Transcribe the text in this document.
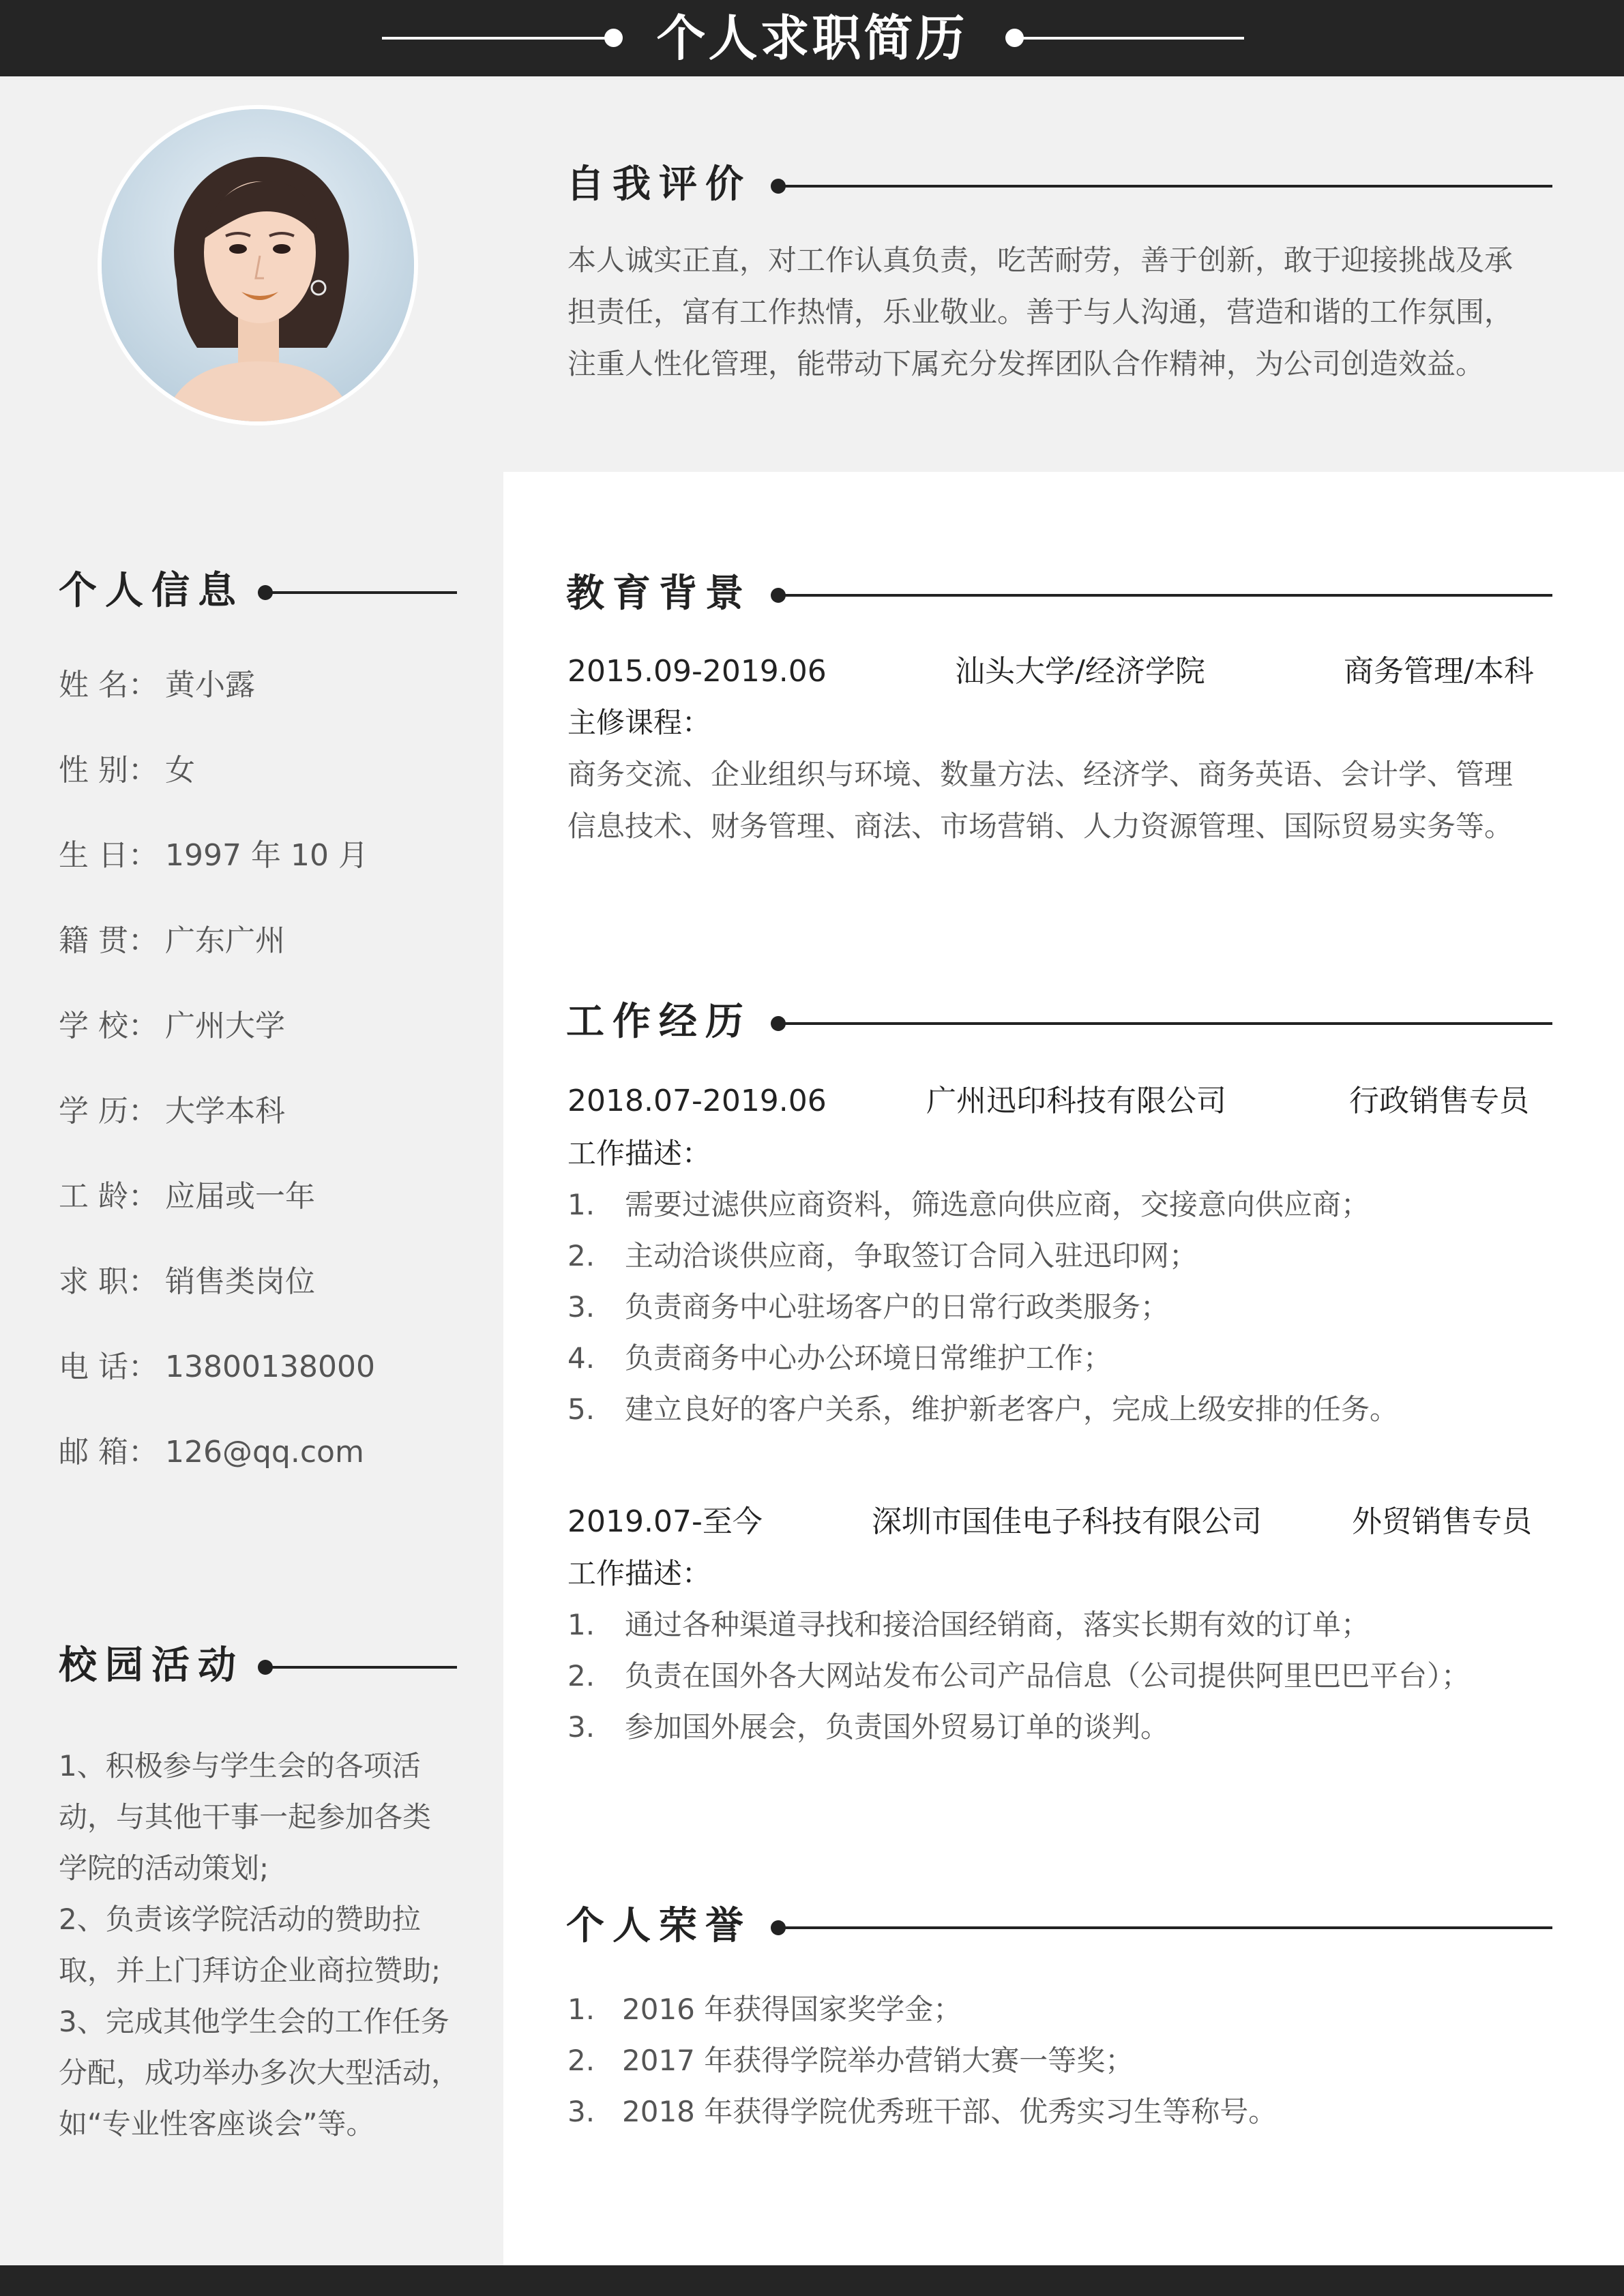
个人求职简历
自我评价
本人诚实正直，对工作认真负责，吃苦耐劳，善于创新，敢于迎接挑战及承
担责任，富有工作热情，乐业敬业。善于与人沟通，营造和谐的工作氛围，
注重人性化管理，能带动下属充分发挥团队合作精神，为公司创造效益。
个人信息
姓 名： 黄小露
性 别： 女
生 日： 1997 年 10 月
籍 贯： 广东广州
学 校： 广州大学
学 历： 大学本科
工 龄： 应届或一年
求 职： 销售类岗位
电 话： 13800138000
邮 箱： 126@qq.com
校园活动
1、积极参与学生会的各项活
动，与其他干事一起参加各类
学院的活动策划;
2、负责该学院活动的赞助拉
取，并上门拜访企业商拉赞助;
3、完成其他学生会的工作任务
分配，成功举办多次大型活动，
如“专业性客座谈会”等。
教育背景
2015.09-2019.06	汕头大学/经济学院	商务管理/本科
主修课程：
商务交流、企业组织与环境、数量方法、经济学、商务英语、会计学、管理
信息技术、财务管理、商法、市场营销、人力资源管理、国际贸易实务等。
工作经历
2018.07-2019.06	广州迅印科技有限公司	行政销售专员
工作描述：
1. 需要过滤供应商资料，筛选意向供应商，交接意向供应商；
2. 主动洽谈供应商，争取签订合同入驻迅印网；
3. 负责商务中心驻场客户的日常行政类服务；
4. 负责商务中心办公环境日常维护工作；
5. 建立良好的客户关系，维护新老客户，完成上级安排的任务。
2019.07-至今	深圳市国佳电子科技有限公司	外贸销售专员
工作描述：
1. 通过各种渠道寻找和接洽国经销商，落实长期有效的订单；
2. 负责在国外各大网站发布公司产品信息（公司提供阿里巴巴平台）；
3. 参加国外展会，负责国外贸易订单的谈判。
个人荣誉
1. 2016 年获得国家奖学金；
2. 2017 年获得学院举办营销大赛一等奖；
3. 2018 年获得学院优秀班干部、优秀实习生等称号。
